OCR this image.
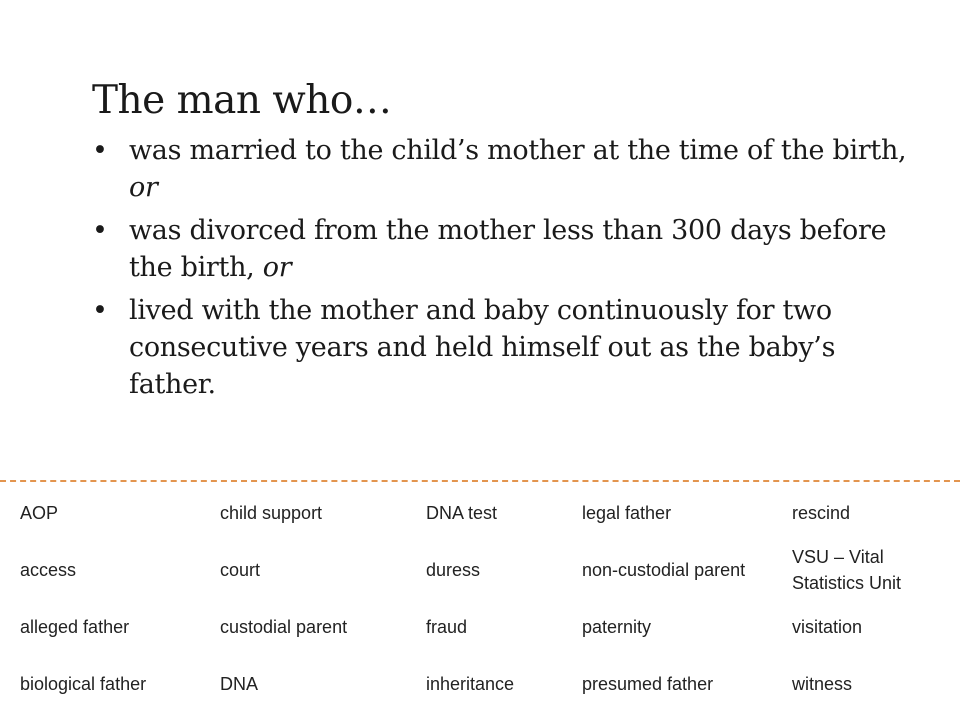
The man who…
• was married to the child’s mother at the time of the birth, or
• was divorced from the mother less than 300 days before the birth, or
• lived with the mother and baby continuously for two consecutive years and held himself out as the baby’s father.
AOP	child support	DNA test	legal father	rescind
access	court	duress	non-custodial parent	VSU – Vital Statistics Unit
alleged father	custodial parent	fraud	paternity	visitation
biological father	DNA	inheritance	presumed father	witness
